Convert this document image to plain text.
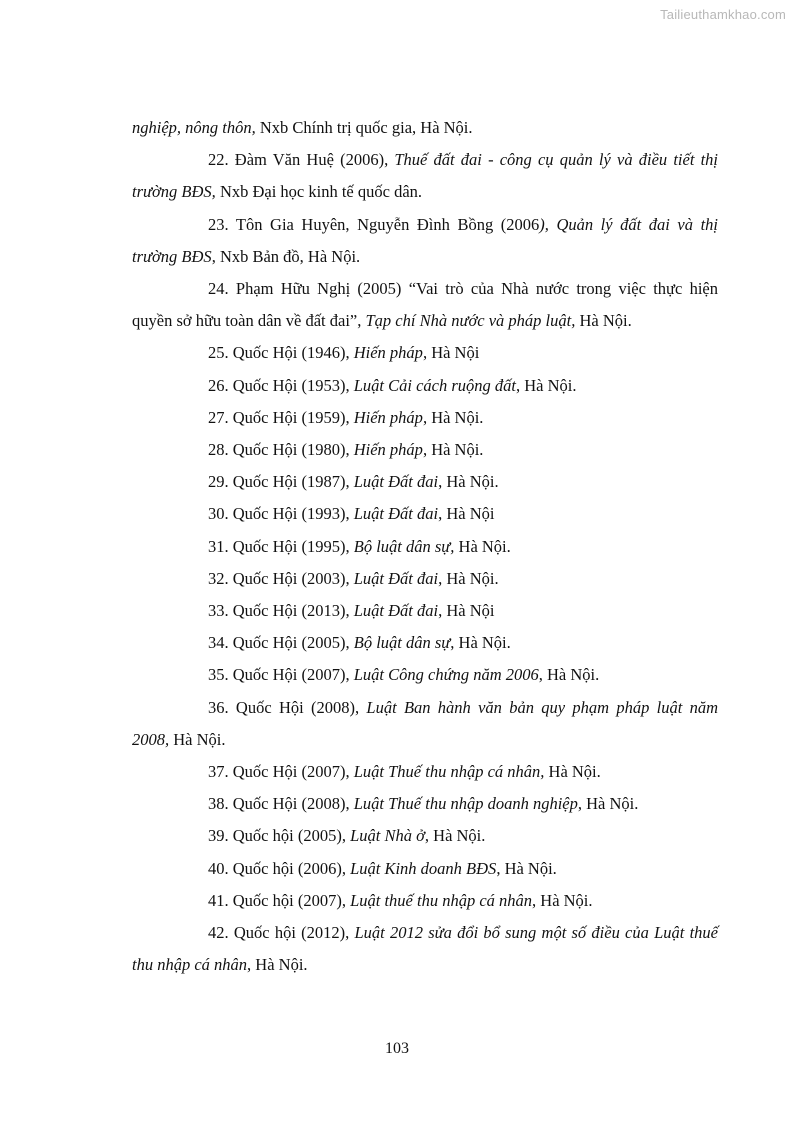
Tailieuthamkhao.com

nghiệp, nông thôn, Nxb Chính trị quốc gia, Hà Nội.

22. Đàm Văn Huệ (2006), Thuế đất đai - công cụ quản lý và điều tiết thị trường BĐS, Nxb Đại học kinh tế quốc dân.

23. Tôn Gia Huyên, Nguyễn Đình Bồng (2006), Quản lý đất đai và thị trường BĐS, Nxb Bản đồ, Hà Nội.

24. Phạm Hữu Nghị (2005) “Vai trò của Nhà nước trong việc thực hiện quyền sở hữu toàn dân về đất đai”, Tạp chí Nhà nước và pháp luật, Hà Nội.

25. Quốc Hội (1946), Hiến pháp, Hà Nội

26. Quốc Hội (1953), Luật Cải cách ruộng đất, Hà Nội.

27. Quốc Hội (1959), Hiến pháp, Hà Nội.

28. Quốc Hội (1980), Hiến pháp, Hà Nội.

29. Quốc Hội (1987), Luật Đất đai, Hà Nội.

30. Quốc Hội (1993), Luật Đất đai, Hà Nội

31. Quốc Hội (1995), Bộ luật dân sự, Hà Nội.

32. Quốc Hội (2003), Luật Đất đai, Hà Nội.

33. Quốc Hội (2013), Luật Đất đai, Hà Nội

34. Quốc Hội (2005), Bộ luật dân sự, Hà Nội.

35. Quốc Hội (2007), Luật Công chứng năm 2006, Hà Nội.

36. Quốc Hội (2008), Luật Ban hành văn bản quy phạm pháp luật năm 2008, Hà Nội.

37. Quốc Hội (2007), Luật Thuế thu nhập cá nhân, Hà Nội.

38. Quốc Hội (2008), Luật Thuế thu nhập doanh nghiệp, Hà Nội.

39. Quốc hội (2005), Luật Nhà ở, Hà Nội.

40. Quốc hội (2006), Luật Kinh doanh BĐS, Hà Nội.

41. Quốc hội (2007), Luật thuế thu nhập cá nhân, Hà Nội.

42. Quốc hội (2012), Luật 2012 sửa đổi bổ sung một số điều của Luật thuế thu nhập cá nhân, Hà Nội.

103
